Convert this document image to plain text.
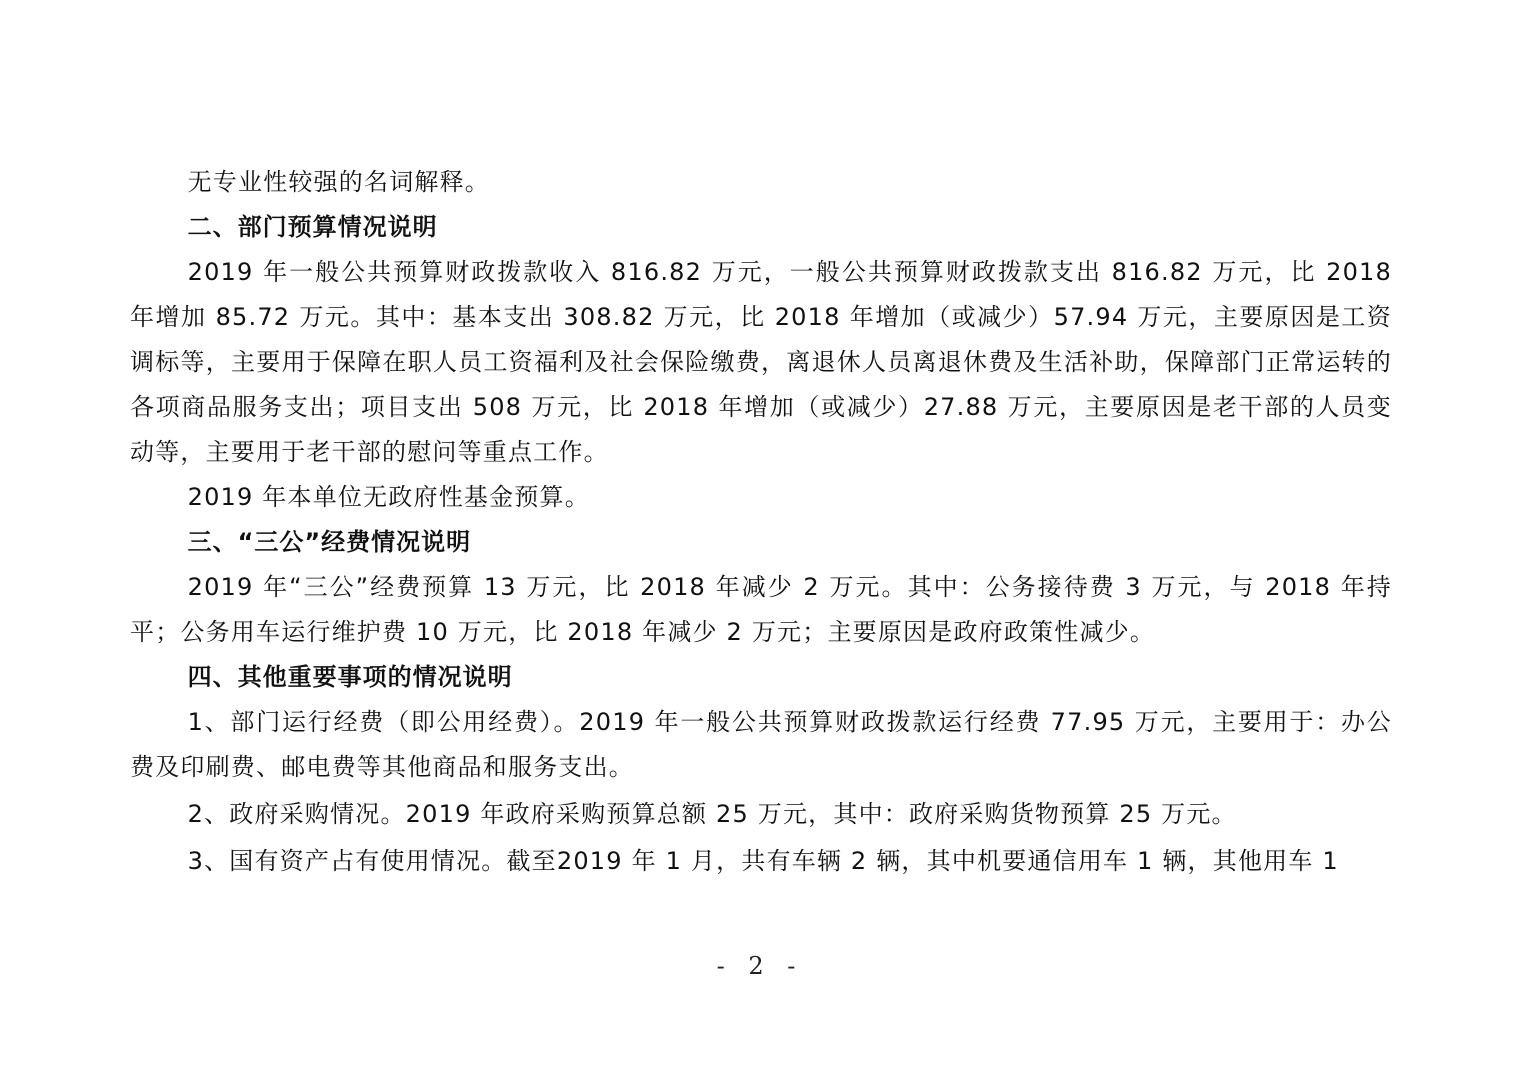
无专业性较强的名词解释。

二、部门预算情况说明

2019 年一般公共预算财政拨款收入 816.82 万元，一般公共预算财政拨款支出 816.82 万元，比 2018 年增加 85.72 万元。其中：基本支出 308.82 万元，比 2018 年增加（或减少）57.94 万元，主要原因是工资调标等，主要用于保障在职人员工资福利及社会保险缴费，离退休人员离退休费及生活补助，保障部门正常运转的各项商品服务支出；项目支出 508 万元，比 2018 年增加（或减少）27.88 万元，主要原因是老干部的人员变动等，主要用于老干部的慰问等重点工作。

2019 年本单位无政府性基金预算。

三、“三公”经费情况说明

2019 年“三公”经费预算 13 万元，比 2018 年减少 2 万元。其中：公务接待费 3 万元，与 2018 年持平；公务用车运行维护费 10 万元，比 2018 年减少 2 万元；主要原因是政府政策性减少。

四、其他重要事项的情况说明

1、部门运行经费（即公用经费）。2019 年一般公共预算财政拨款运行经费 77.95 万元，主要用于：办公费及印刷费、邮电费等其他商品和服务支出。

2、政府采购情况。2019 年政府采购预算总额 25 万元，其中：政府采购货物预算 25 万元。

3、国有资产占有使用情况。截至2019 年 1 月，共有车辆 2 辆，其中机要通信用车 1 辆，其他用车 1

- 2 -
